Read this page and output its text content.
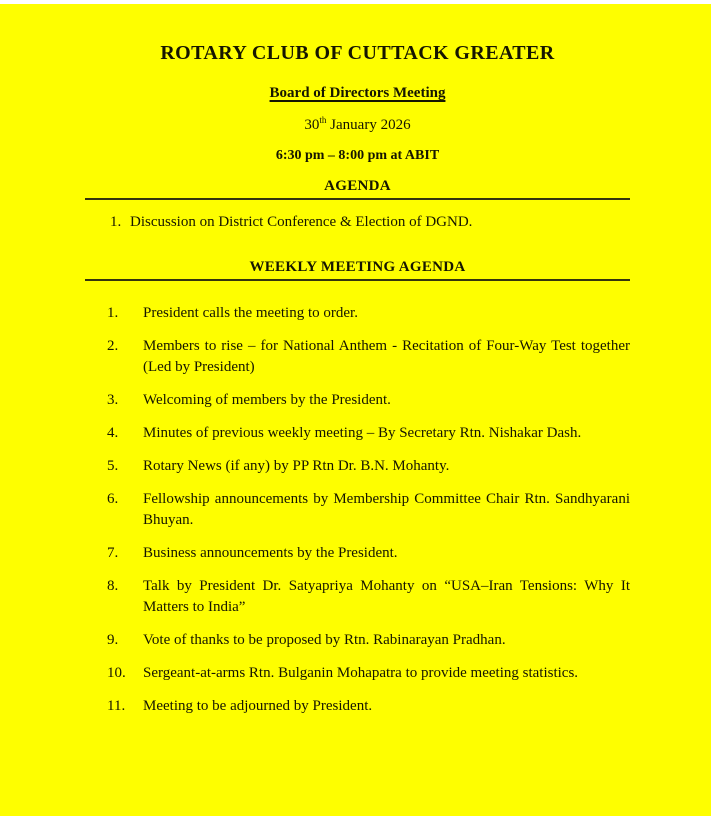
ROTARY CLUB OF CUTTACK GREATER
Board of Directors Meeting
30th January 2026
6:30 pm – 8:00 pm at ABIT
AGENDA
1. Discussion on District Conference & Election of DGND.
WEEKLY MEETING AGENDA
1.	President calls the meeting to order.
2.	Members to rise – for National Anthem - Recitation of Four-Way Test together (Led by President)
3.	Welcoming of members by the President.
4.	Minutes of previous weekly meeting – By Secretary Rtn. Nishakar Dash.
5.	Rotary News (if any) by PP Rtn Dr. B.N. Mohanty.
6.	Fellowship announcements by Membership Committee Chair Rtn. Sandhyarani Bhuyan.
7.	Business announcements by the President.
8.	Talk by President Dr. Satyapriya Mohanty on “USA–Iran Tensions: Why It Matters to India”
9.	Vote of thanks to be proposed by Rtn. Rabinarayan Pradhan.
10.	Sergeant-at-arms Rtn. Bulganin Mohapatra to provide meeting statistics.
11.	Meeting to be adjourned by President.
